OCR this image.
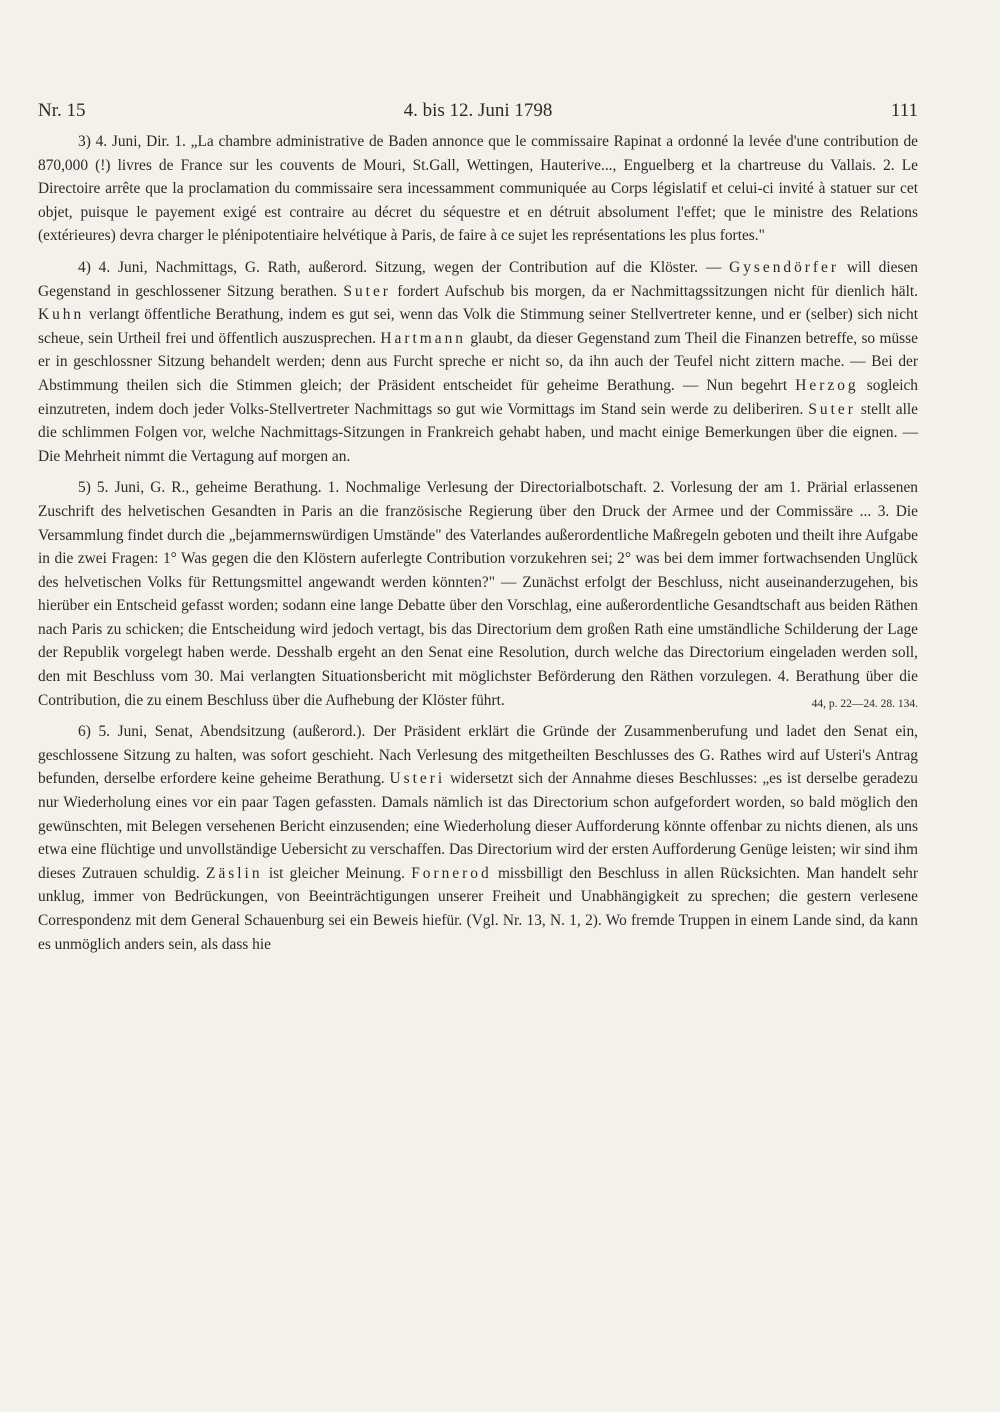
Nr. 15	4. bis 12. Juni 1798	111

3) 4. Juni, Dir. 1. „La chambre administrative de Baden annonce que le commissaire Rapinat a ordonné la levée d'une contribution de 870,000 (!) livres de France sur les couvents de Mouri, St.Gall, Wettingen, Hauterive..., Enguelberg et la chartreuse du Vallais. 2. Le Directoire arrête que la proclamation du commissaire sera incessamment communiquée au Corps législatif et celui-ci invité à statuer sur cet objet, puisque le payement exigé est contraire au décret du séquestre et en détruit absolument l'effet; que le ministre des Relations (extérieures) devra charger le plénipotentiaire helvétique à Paris, de faire à ce sujet les représentations les plus fortes."

4) 4. Juni, Nachmittags, G. Rath, außerord. Sitzung, wegen der Contribution auf die Klöster. — Gysendörfer will diesen Gegenstand in geschlossener Sitzung berathen. Suter fordert Aufschub bis morgen, da er Nachmittagssitzungen nicht für dienlich hält. Kuhn verlangt öffentliche Berathung, indem es gut sei, wenn das Volk die Stimmung seiner Stellvertreter kenne, und er (selber) sich nicht scheue, sein Urtheil frei und öffentlich auszusprechen. Hartmann glaubt, da dieser Gegenstand zum Theil die Finanzen betreffe, so müsse er in geschlossner Sitzung behandelt werden; denn aus Furcht spreche er nicht so, da ihn auch der Teufel nicht zittern mache. — Bei der Abstimmung theilen sich die Stimmen gleich; der Präsident entscheidet für geheime Berathung. — Nun begehrt Herzog sogleich einzutreten, indem doch jeder Volks-Stellvertreter Nachmittags so gut wie Vormittags im Stand sein werde zu deliberiren. Suter stellt alle die schlimmen Folgen vor, welche Nachmittags-Sitzungen in Frankreich gehabt haben, und macht einige Bemerkungen über die eignen. — Die Mehrheit nimmt die Vertagung auf morgen an.

5) 5. Juni, G. R., geheime Berathung. 1. Nochmalige Verlesung der Directorialbotschaft. 2. Vorlesung der am 1. Prärial erlassenen Zuschrift des helvetischen Gesandten in Paris an die französische Regierung über den Druck der Armee und der Commissäre ... 3. Die Versammlung findet durch die „bejammernswürdigen Umstände" des Vaterlandes außerordentliche Maßregeln geboten und theilt ihre Aufgabe in die zwei Fragen: 1° Was gegen die den Klöstern auferlegte Contribution vorzukehren sei; 2° was bei dem immer fortwachsenden Unglück des helvetischen Volks für Rettungsmittel angewandt werden könnten?" — Zunächst erfolgt der Beschluss, nicht auseinanderzugehen, bis hierüber ein Entscheid gefasst worden; sodann eine lange Debatte über den Vorschlag, eine außerordentliche Gesandtschaft aus beiden Räthen nach Paris zu schicken; die Entscheidung wird jedoch vertagt, bis das Directorium dem großen Rath eine umständliche Schilderung der Lage der Republik vorgelegt haben werde. Desshalb ergeht an den Senat eine Resolution, durch welche das Directorium eingeladen werden soll, den mit Beschluss vom 30. Mai verlangten Situationsbericht mit möglichster Beförderung den Räthen vorzulegen. 4. Berathung über die Contribution, die zu einem Beschluss über die Aufhebung der Klöster führt.	44, p. 22—24. 28. 134.

6) 5. Juni, Senat, Abendsitzung (außerord.). Der Präsident erklärt die Gründe der Zusammenberufung und ladet den Senat ein, geschlossene Sitzung zu halten, was sofort geschieht. Nach Verlesung des mitgetheilten Beschlusses des G. Rathes wird auf Usteri's Antrag befunden, derselbe erfordere keine geheime Berathung. Usteri widersetzt sich der Annahme dieses Beschlusses: „es ist derselbe geradezu nur Wiederholung eines vor ein paar Tagen gefassten. Damals nämlich ist das Directorium schon aufgefordert worden, so bald möglich den gewünschten, mit Belegen versehenen Bericht einzusenden; eine Wiederholung dieser Aufforderung könnte offenbar zu nichts dienen, als uns etwa eine flüchtige und unvollständige Uebersicht zu verschaffen. Das Directorium wird der ersten Aufforderung Genüge leisten; wir sind ihm dieses Zutrauen schuldig. Zäslin ist gleicher Meinung. Fornerod missbilligt den Beschluss in allen Rücksichten. Man handelt sehr unklug, immer von Bedrückungen, von Beeinträchtigungen unserer Freiheit und Unabhängigkeit zu sprechen; die gestern verlesene Correspondenz mit dem General Schauenburg sei ein Beweis hiefür. (Vgl. Nr. 13, N. 1, 2). Wo fremde Truppen in einem Lande sind, da kann es unmöglich anders sein, als dass hie
